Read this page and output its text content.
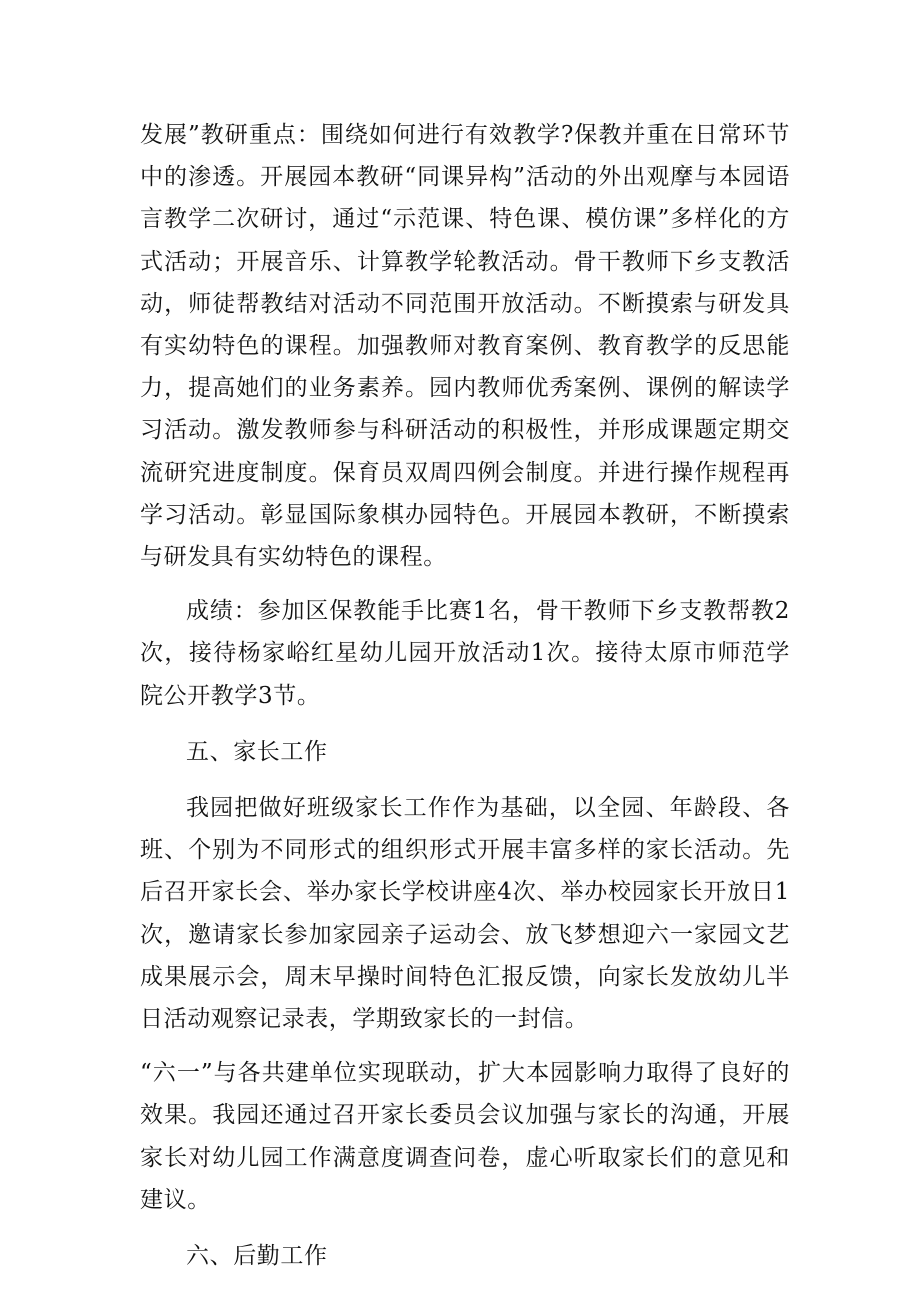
发展”教研重点：围绕如何进行有效教学?保教并重在日常环节中的渗透。开展园本教研“同课异构”活动的外出观摩与本园语言教学二次研讨，通过“示范课、特色课、模仿课”多样化的方式活动；开展音乐、计算教学轮教活动。骨干教师下乡支教活动，师徒帮教结对活动不同范围开放活动。不断摸索与研发具有实幼特色的课程。加强教师对教育案例、教育教学的反思能力，提高她们的业务素养。园内教师优秀案例、课例的解读学习活动。激发教师参与科研活动的积极性，并形成课题定期交流研究进度制度。保育员双周四例会制度。并进行操作规程再学习活动。彰显国际象棋办园特色。开展园本教研，不断摸索与研发具有实幼特色的课程。

成绩：参加区保教能手比赛1名，骨干教师下乡支教帮教2次，接待杨家峪红星幼儿园开放活动1次。接待太原市师范学院公开教学3节。

五、家长工作

我园把做好班级家长工作作为基础，以全园、年龄段、各班、个别为不同形式的组织形式开展丰富多样的家长活动。先后召开家长会、举办家长学校讲座4次、举办校园家长开放日1次，邀请家长参加家园亲子运动会、放飞梦想迎六一家园文艺成果展示会，周末早操时间特色汇报反馈，向家长发放幼儿半日活动观察记录表，学期致家长的一封信。

“六一”与各共建单位实现联动，扩大本园影响力取得了良好的效果。我园还通过召开家长委员会议加强与家长的沟通，开展家长对幼儿园工作满意度调查问卷，虚心听取家长们的意见和建议。

六、后勤工作
